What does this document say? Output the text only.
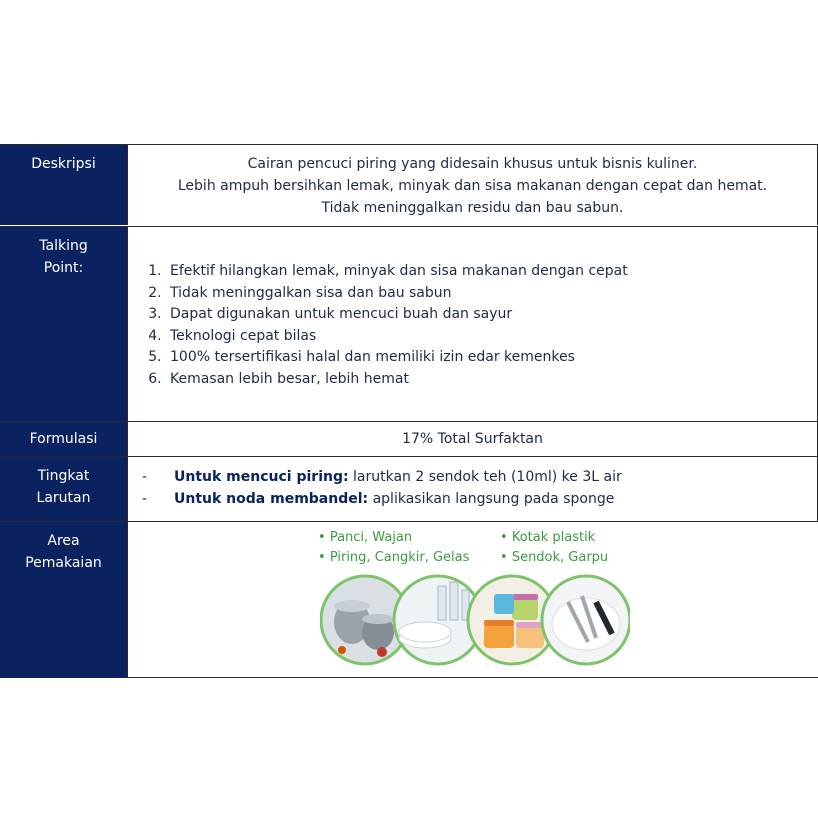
Deskripsi	Cairan pencuci piring yang didesain khusus untuk bisnis kuliner.
Lebih ampuh bersihkan lemak, minyak dan sisa makanan dengan cepat dan hemat.
Tidak meninggalkan residu dan bau sabun.
Talking
Point:
1.	Efektif hilangkan lemak, minyak dan sisa makanan dengan cepat
2. Tidak meninggalkan sisa dan bau sabun
3. Dapat digunakan untuk mencuci buah dan sayur
4. Teknologi cepat bilas
5. 100% tersertifikasi halal dan memiliki izin edar kemenkes
6. Kemasan lebih besar, lebih hemat
Formulasi	17% Total Surfaktan
Tingkat
Larutan
- Untuk mencuci piring: larutkan 2 sendok teh (10ml) ke 3L air
- Untuk noda membandel: aplikasikan langsung pada sponge
Area
Pemakaian
• Panci, Wajan
• Piring, Cangkir, Gelas
• Kotak plastik
• Sendok, Garpu
